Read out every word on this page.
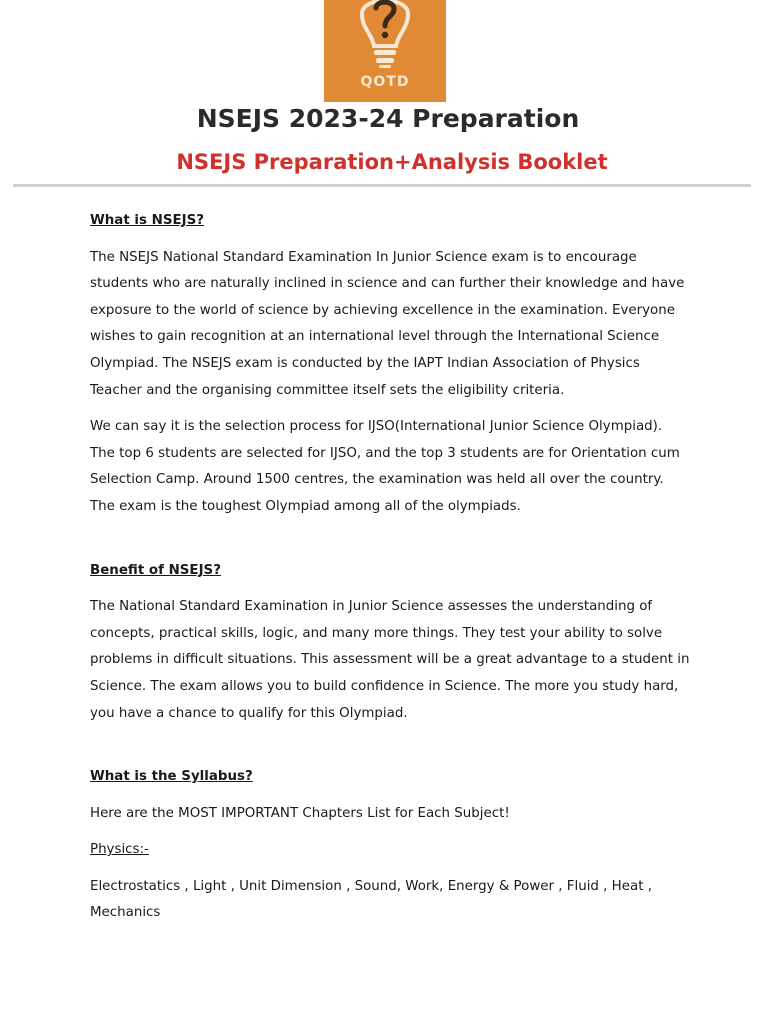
QOTD
NSEJS 2023-24 Preparation
NSEJS Preparation+Analysis Booklet

What is NSEJS?

The NSEJS National Standard Examination In Junior Science exam is to encourage students who are naturally inclined in science and can further their knowledge and have exposure to the world of science by achieving excellence in the examination. Everyone wishes to gain recognition at an international level through the International Science Olympiad. The NSEJS exam is conducted by the IAPT Indian Association of Physics Teacher and the organising committee itself sets the eligibility criteria.

We can say it is the selection process for IJSO(International Junior Science Olympiad). The top 6 students are selected for IJSO, and the top 3 students are for Orientation cum Selection Camp. Around 1500 centres, the examination was held all over the country. The exam is the toughest Olympiad among all of the olympiads.

Benefit of NSEJS?

The National Standard Examination in Junior Science assesses the understanding of concepts, practical skills, logic, and many more things. They test your ability to solve problems in difficult situations. This assessment will be a great advantage to a student in Science. The exam allows you to build confidence in Science. The more you study hard, you have a chance to qualify for this Olympiad.

What is the Syllabus?

Here are the MOST IMPORTANT Chapters List for Each Subject!

Physics:-

Electrostatics , Light , Unit Dimension , Sound, Work, Energy & Power , Fluid , Heat , Mechanics
